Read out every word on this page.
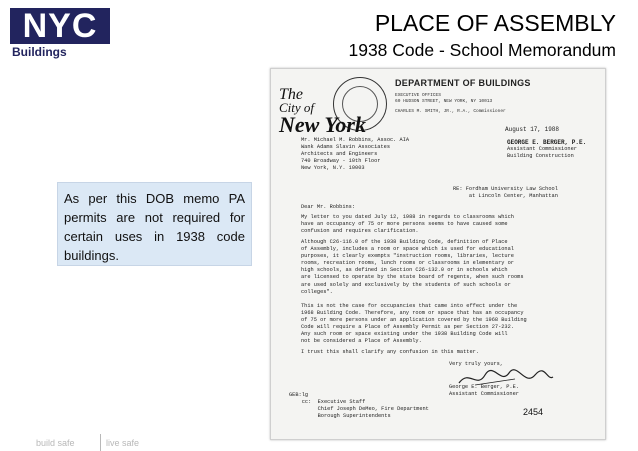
NYC
Buildings
PLACE OF ASSEMBLY
1938 Code - School Memorandum
The
City of
New York
DEPARTMENT OF BUILDINGS
EXECUTIVE OFFICES
60 HUDSON STREET, NEW YORK, NY 10013
CHARLES M. SMITH, JR., R.A., Commissioner
August 17, 1988
Mr. Michael M. Robbins, Assoc. AIA
Wank Adams Slavin Associates
Architects and Engineers
740 Broadway - 10th Floor
New York, N.Y. 10003
GEORGE E. BERGER, P.E.
Assistant Commissioner
Building Construction
RE: Fordham University Law School
at Lincoln Center, Manhattan
Dear Mr. Robbins:
My letter to you dated July 12, 1988 in regards to classrooms which
have an occupancy of 75 or more persons seems to have caused some
confusion and requires clarification.
Although C26-116.0 of the 1938 Building Code, definition of Place
of Assembly, includes a room or space which is used for educational
purposes, it clearly exempts "instruction rooms, libraries, lecture
rooms, recreation rooms, lunch rooms or classrooms in elementary or
high schools, as defined in Section C26-132.0 or in schools which
are licensed to operate by the state board of regents, when such rooms
are used solely and exclusively by the students of such schools or
colleges".
This is not the case for occupancies that came into effect under the
1968 Building Code. Therefore, any room or space that has an occupancy
of 75 or more persons under an application covered by the 1968 Building
Code will require a Place of Assembly Permit as per Section 27-232.
Any such room or space existing under the 1938 Building Code will
not be considered a Place of Assembly.
I trust this shall clarify any confusion in this matter.
Very truly yours,
George E. Berger, P.E.
Assistant Commissioner
GEB:lg
cc:  Executive Staff
Chief Joseph DeMeo, Fire Department
Borough Superintendents	2454
As per this DOB memo PA permits are not required for certain uses in 1938 code buildings.
build safe	live safe
